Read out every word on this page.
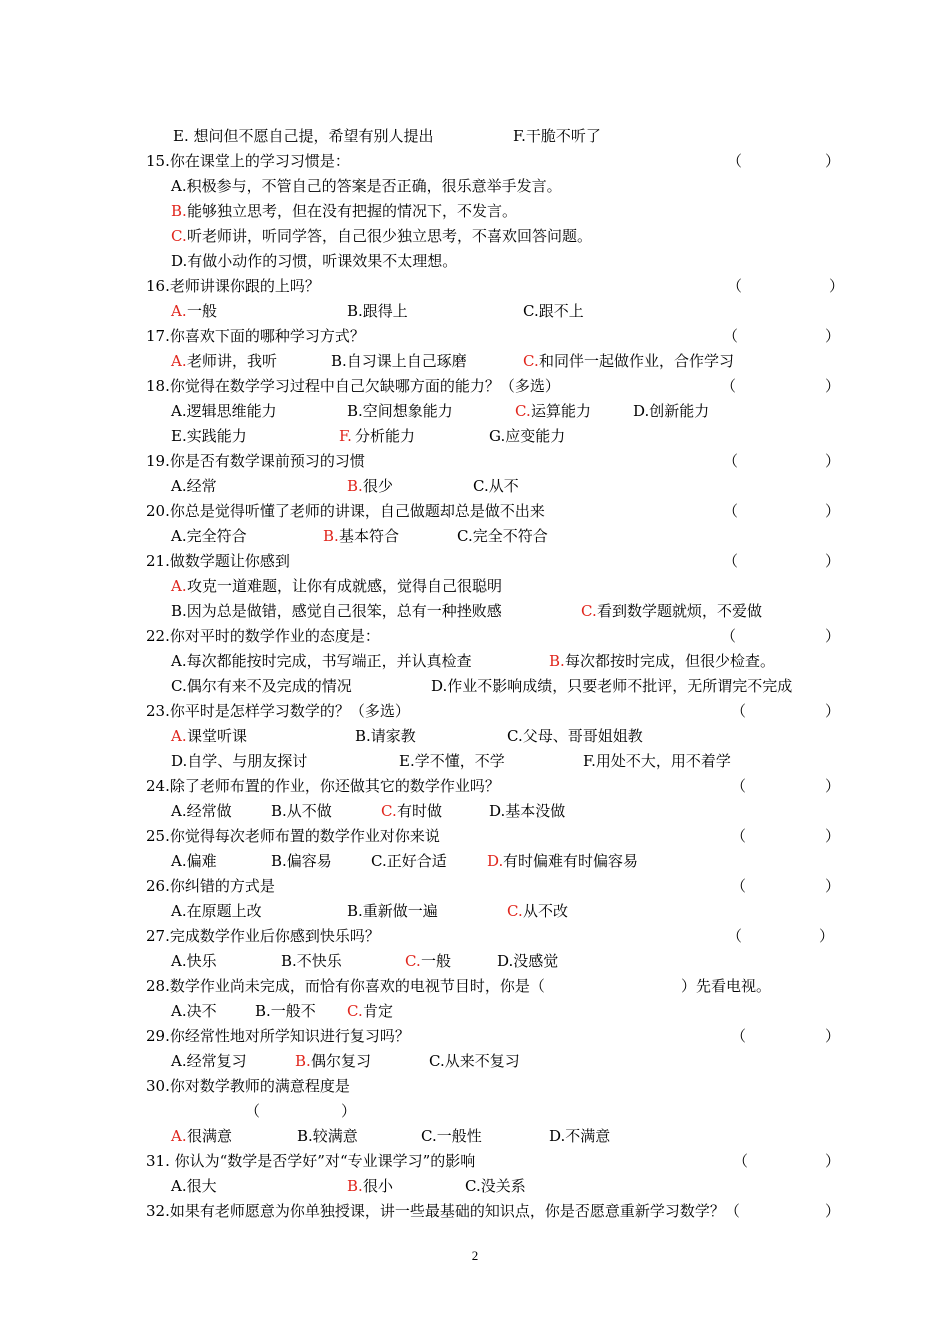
E. 想问但不愿自己提，希望有别人提出	F.干脆不听了
15.你在课堂上的学习习惯是：	（	）
A.积极参与，不管自己的答案是否正确，很乐意举手发言。
B. 能够独立思考，但在没有把握的情况下，不发言。
C. 听老师讲，听同学答，自己很少独立思考，不喜欢回答问题。
D.有做小动作的习惯，听课效果不太理想。
16.老师讲课你跟的上吗？	（	）
A. 一般	B.跟得上	C.跟不上
17.你喜欢下面的哪种学习方式？	（	）
A. 老师讲，我听	B.自习课上自己琢磨	C. 和同伴一起做作业，合作学习
18.你觉得在数学学习过程中自己欠缺哪方面的能力？（多选）	（	）
A.逻辑思维能力	B.空间想象能力	C. 运算能力	D.创新能力
E.实践能力	F. 分析能力	G.应变能力
19.你是否有数学课前预习的习惯	（	）
A.经常	B. 很少	C.从不
20.你总是觉得听懂了老师的讲课，自己做题却总是做不出来	（	）
A.完全符合	B. 基本符合	C.完全不符合
21.做数学题让你感到	（	）
A. 攻克一道难题，让你有成就感，觉得自己很聪明
B.因为总是做错，感觉自己很笨，总有一种挫败感	C. 看到数学题就烦，不爱做
22.你对平时的数学作业的态度是：	（	）
A.每次都能按时完成，书写端正，并认真检查	B. 每次都按时完成，但很少检查。
C.偶尔有来不及完成的情况	D.作业不影响成绩，只要老师不批评，无所谓完不完成
23.你平时是怎样学习数学的？（多选）	（	）
A. 课堂听课	B.请家教	C.父母、哥哥姐姐教
D.自学、与朋友探讨	E.学不懂，不学	F.用处不大，用不着学
24.除了老师布置的作业，你还做其它的数学作业吗？	（	）
A.经常做	B.从不做	C. 有时做	D.基本没做
25.你觉得每次老师布置的数学作业对你来说	（	）
A.偏难	B.偏容易	C.正好合适	D. 有时偏难有时偏容易
26.你纠错的方式是	（	）
A.在原题上改	B.重新做一遍	C. 从不改
27.完成数学作业后你感到快乐吗？	（	）
A.快乐	B.不快乐	C. 一般	D.没感觉
28.数学作业尚未完成，而恰有你喜欢的电视节目时，你是（	）先看电视。
A.决不	B.一般不 C. 肯定
29.你经常性地对所学知识进行复习吗？	（	）
A.经常复习	B. 偶尔复习	C.从来不复习
30.你对数学教师的满意程度是
（	）
A. 很满意	B.较满意	C.一般性	D.不满意
31. 你认为“数学是否学好”对“专业课学习”的影响	（	）
A.很大	B. 很小	C.没关系
32.如果有老师愿意为你单独授课，讲一些最基础的知识点，你是否愿意重新学习数学？（	）
2
